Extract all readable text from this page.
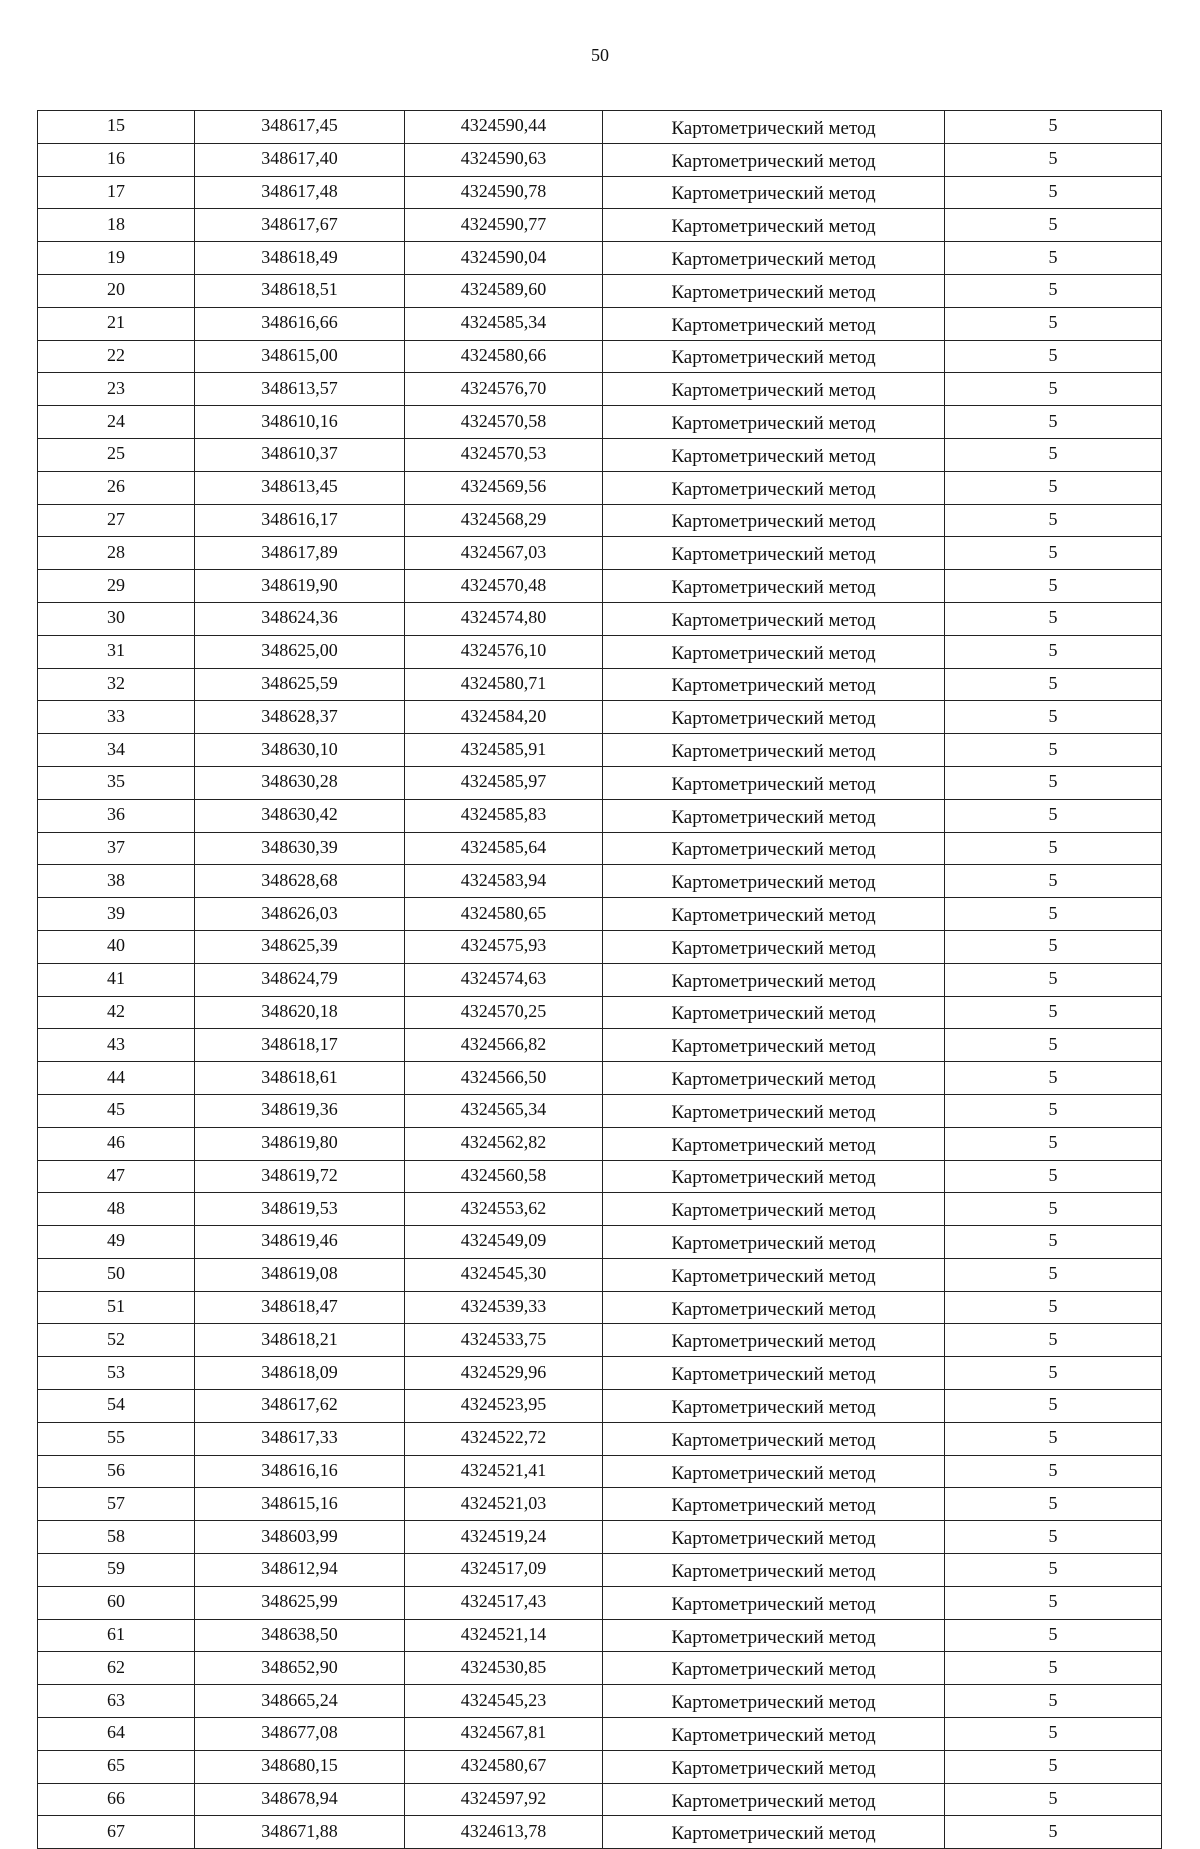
50
15	348617,45	4324590,44	Картометрический метод	5
16	348617,40	4324590,63	Картометрический метод	5
17	348617,48	4324590,78	Картометрический метод	5
18	348617,67	4324590,77	Картометрический метод	5
19	348618,49	4324590,04	Картометрический метод	5
20	348618,51	4324589,60	Картометрический метод	5
21	348616,66	4324585,34	Картометрический метод	5
22	348615,00	4324580,66	Картометрический метод	5
23	348613,57	4324576,70	Картометрический метод	5
24	348610,16	4324570,58	Картометрический метод	5
25	348610,37	4324570,53	Картометрический метод	5
26	348613,45	4324569,56	Картометрический метод	5
27	348616,17	4324568,29	Картометрический метод	5
28	348617,89	4324567,03	Картометрический метод	5
29	348619,90	4324570,48	Картометрический метод	5
30	348624,36	4324574,80	Картометрический метод	5
31	348625,00	4324576,10	Картометрический метод	5
32	348625,59	4324580,71	Картометрический метод	5
33	348628,37	4324584,20	Картометрический метод	5
34	348630,10	4324585,91	Картометрический метод	5
35	348630,28	4324585,97	Картометрический метод	5
36	348630,42	4324585,83	Картометрический метод	5
37	348630,39	4324585,64	Картометрический метод	5
38	348628,68	4324583,94	Картометрический метод	5
39	348626,03	4324580,65	Картометрический метод	5
40	348625,39	4324575,93	Картометрический метод	5
41	348624,79	4324574,63	Картометрический метод	5
42	348620,18	4324570,25	Картометрический метод	5
43	348618,17	4324566,82	Картометрический метод	5
44	348618,61	4324566,50	Картометрический метод	5
45	348619,36	4324565,34	Картометрический метод	5
46	348619,80	4324562,82	Картометрический метод	5
47	348619,72	4324560,58	Картометрический метод	5
48	348619,53	4324553,62	Картометрический метод	5
49	348619,46	4324549,09	Картометрический метод	5
50	348619,08	4324545,30	Картометрический метод	5
51	348618,47	4324539,33	Картометрический метод	5
52	348618,21	4324533,75	Картометрический метод	5
53	348618,09	4324529,96	Картометрический метод	5
54	348617,62	4324523,95	Картометрический метод	5
55	348617,33	4324522,72	Картометрический метод	5
56	348616,16	4324521,41	Картометрический метод	5
57	348615,16	4324521,03	Картометрический метод	5
58	348603,99	4324519,24	Картометрический метод	5
59	348612,94	4324517,09	Картометрический метод	5
60	348625,99	4324517,43	Картометрический метод	5
61	348638,50	4324521,14	Картометрический метод	5
62	348652,90	4324530,85	Картометрический метод	5
63	348665,24	4324545,23	Картометрический метод	5
64	348677,08	4324567,81	Картометрический метод	5
65	348680,15	4324580,67	Картометрический метод	5
66	348678,94	4324597,92	Картометрический метод	5
67	348671,88	4324613,78	Картометрический метод	5
